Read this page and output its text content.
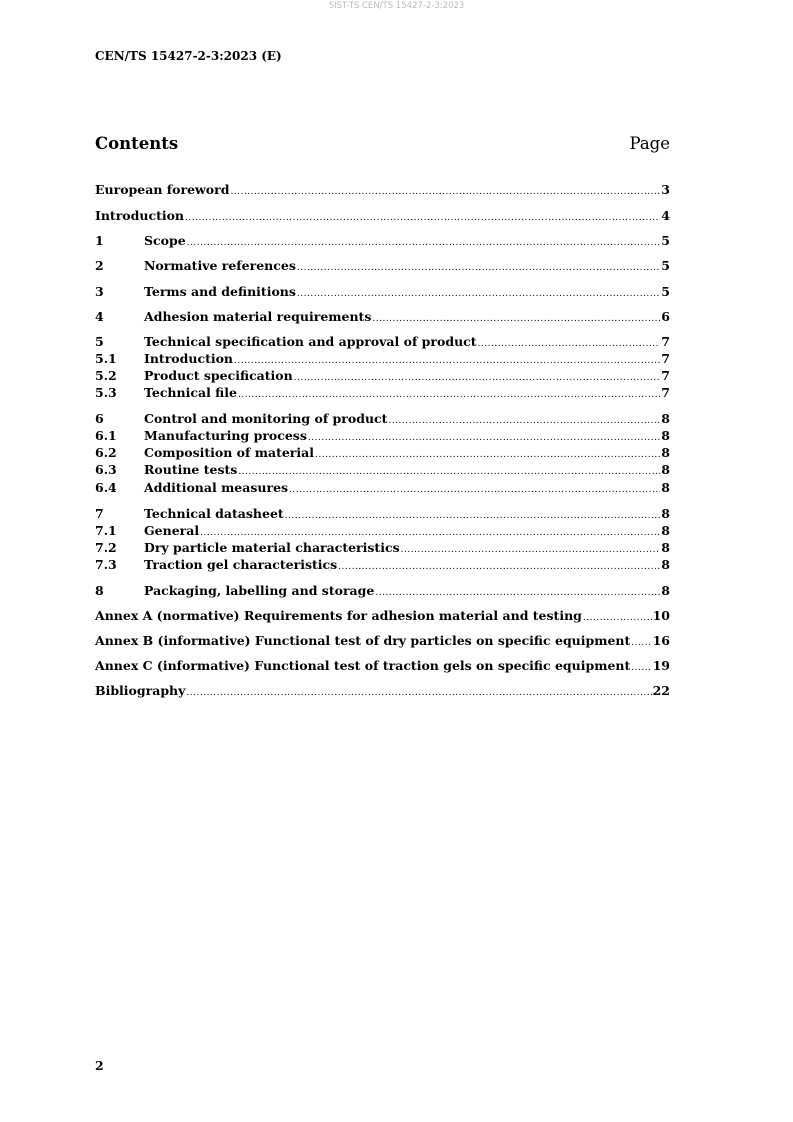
SIST-TS CEN/TS 15427-2-3:2023
CEN/TS 15427-2-3:2023 (E)
Contents	Page
European foreword .....	3
Introduction .....	4
1	Scope .....	5
2	Normative references .....	5
3	Terms and definitions .....	5
4	Adhesion material requirements .....	6
5	Technical specification and approval of product .....	7
5.1	Introduction .....	7
5.2	Product specification .....	7
5.3	Technical file .....	7
6	Control and monitoring of product .....	8
6.1	Manufacturing process .....	8
6.2	Composition of material .....	8
6.3	Routine tests .....	8
6.4	Additional measures .....	8
7	Technical datasheet .....	8
7.1	General .....	8
7.2	Dry particle material characteristics .....	8
7.3	Traction gel characteristics .....	8
8	Packaging, labelling and storage .....	8
Annex A (normative) Requirements for adhesion material and testing .....	10
Annex B (informative) Functional test of dry particles on specific equipment ..... 16
Annex C (informative) Functional test of traction gels on specific equipment ..... 19
Bibliography .....	22
2
